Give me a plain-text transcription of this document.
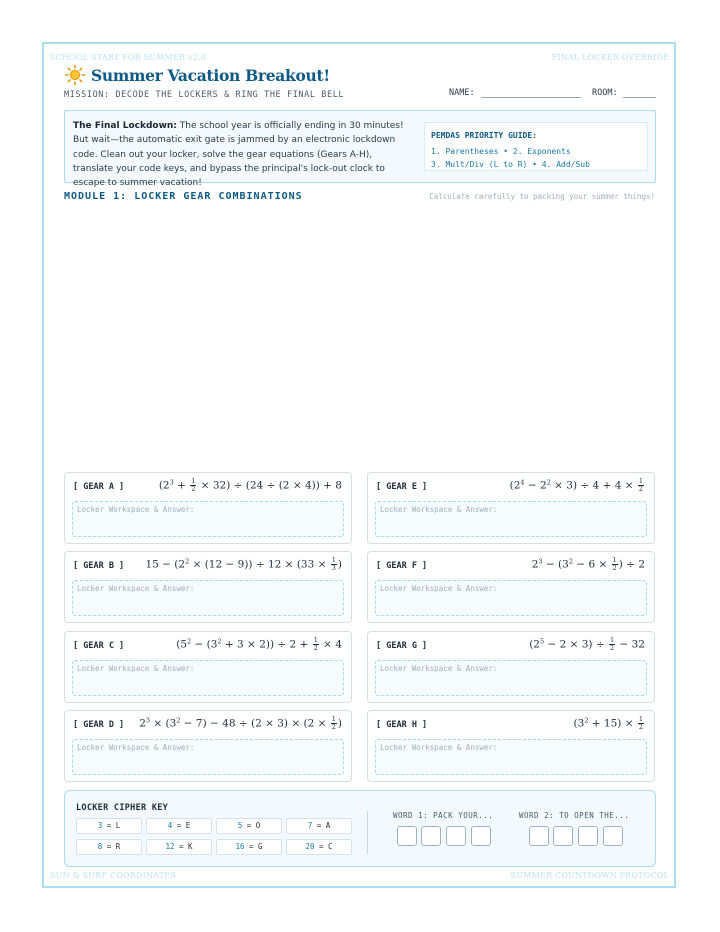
SCHOOL START FOR SUMMER v2.0	FINAL LOCKER OVERRIDE
SUN & SURF COORDINATES	SUMMER COUNTDOWN PROTOCOL
Summer Vacation Breakout!
MISSION: DECODE THE LOCKERS & RING THE FINAL BELL	NAME:	ROOM:
The Final Lockdown: The school year is officially ending in 30 minutes! But wait—the automatic exit gate is jammed by an electronic lockdown code. Clean out your locker, solve the gear equations (Gears A-H), translate your code keys, and bypass the principal's lock-out clock to escape to summer vacation!
PEMDAS PRIORITY GUIDE:
1. Parentheses • 2. Exponents
3. Mult/Div (L to R) • 4. Add/Sub
MODULE 1: LOCKER GEAR COMBINATIONS	Calculate carefully to packing your summer things!
[ GEAR A ]	$(2^3 + \frac{1}{2} \times 32) \div (24 \div (2 \times 4)) + 8$
Locker Workspace & Answer:
[ GEAR B ] $15 - (2^2 \times (12 - 9)) \div 12 \times (33 \times \frac{1}{3}$ )
Locker Workspace & Answer:
[ GEAR C ]	$(5^2 - (3^2 + 3 \times 2)) \div 2 + \frac{1}{2} \times 4$
Locker Workspace & Answer:
[ GEAR D ] $2^3 \times (3^2 - 7) - 48 \div (2 \times 3) \times (2 \times \frac{1}{2}$ )
Locker Workspace & Answer:
[ GEAR E ]	$(2^4 - 2^2 \times 3) \div 4 + 4 \times \frac{1}{2}$
Locker Workspace & Answer:
[ GEAR F ]	$2^3 - (3^2 - 6 \times \frac{1}{2}$ ) ÷ 2
Locker Workspace & Answer:
[ GEAR G ]	$(2^5 - 2 \times 3) \div \frac{1}{2} - 32$
Locker Workspace & Answer:
[ GEAR H ]	$(3^2 + 15) \times \frac{1}{2}$
Locker Workspace & Answer:
LOCKER CIPHER KEY
3 = L	4 = E	5 = O	7 = A
8 = R	12 = K	16 = G	20 = C
WORD 1: PACK YOUR...	WORD 2: TO OPEN THE...
